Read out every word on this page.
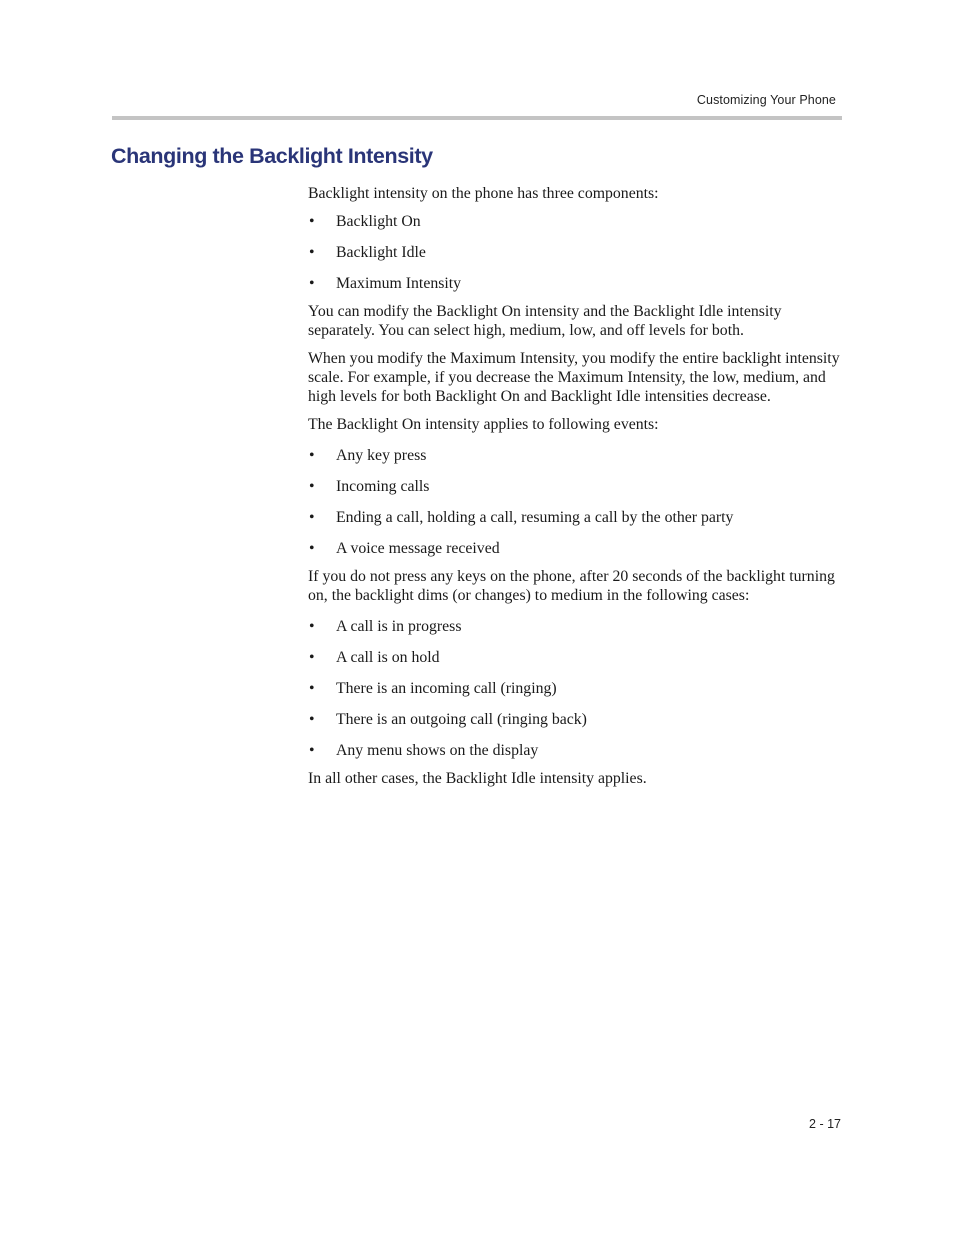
Customizing Your Phone
Changing the Backlight Intensity

Backlight intensity on the phone has three components:

• Backlight On
• Backlight Idle
• Maximum Intensity

You can modify the Backlight On intensity and the Backlight Idle intensity separately. You can select high, medium, low, and off levels for both.

When you modify the Maximum Intensity, you modify the entire backlight intensity scale. For example, if you decrease the Maximum Intensity, the low, medium, and high levels for both Backlight On and Backlight Idle intensities decrease.

The Backlight On intensity applies to following events:

• Any key press
• Incoming calls
• Ending a call, holding a call, resuming a call by the other party
• A voice message received

If you do not press any keys on the phone, after 20 seconds of the backlight turning on, the backlight dims (or changes) to medium in the following cases:

• A call is in progress
• A call is on hold
• There is an incoming call (ringing)
• There is an outgoing call (ringing back)
• Any menu shows on the display

In all other cases, the Backlight Idle intensity applies.

2 - 17
